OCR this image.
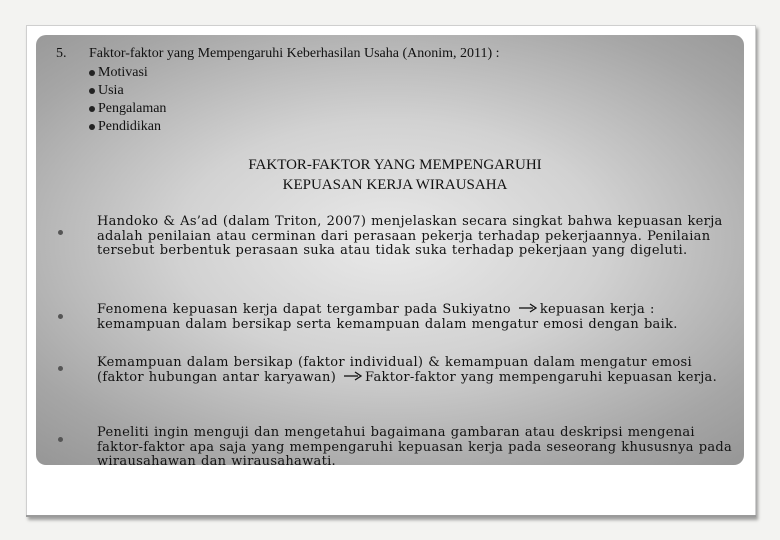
5. Faktor-faktor yang Mempengaruhi Keberhasilan Usaha (Anonim, 2011) :
Motivasi
Usia
Pengalaman
Pendidikan
FAKTOR-FAKTOR YANG MEMPENGARUHI
KEPUASAN KERJA WIRAUSAHA
Handoko & As’ad (dalam Triton, 2007) menjelaskan secara singkat bahwa kepuasan kerja adalah penilaian atau cerminan dari perasaan pekerja terhadap pekerjaannya. Penilaian tersebut berbentuk perasaan suka atau tidak suka terhadap pekerjaan yang digeluti.
Fenomena kepuasan kerja dapat tergambar pada Sukiyatno kepuasan kerja : kemampuan dalam bersikap serta kemampuan dalam mengatur emosi dengan baik.
Kemampuan dalam bersikap (faktor individual) & kemampuan dalam mengatur emosi (faktor hubungan antar karyawan) Faktor-faktor yang mempengaruhi kepuasan kerja.
Peneliti ingin menguji dan mengetahui bagaimana gambaran atau deskripsi mengenai faktor-faktor apa saja yang mempengaruhi kepuasan kerja pada seseorang khususnya pada wirausahawan dan wirausahawati.
